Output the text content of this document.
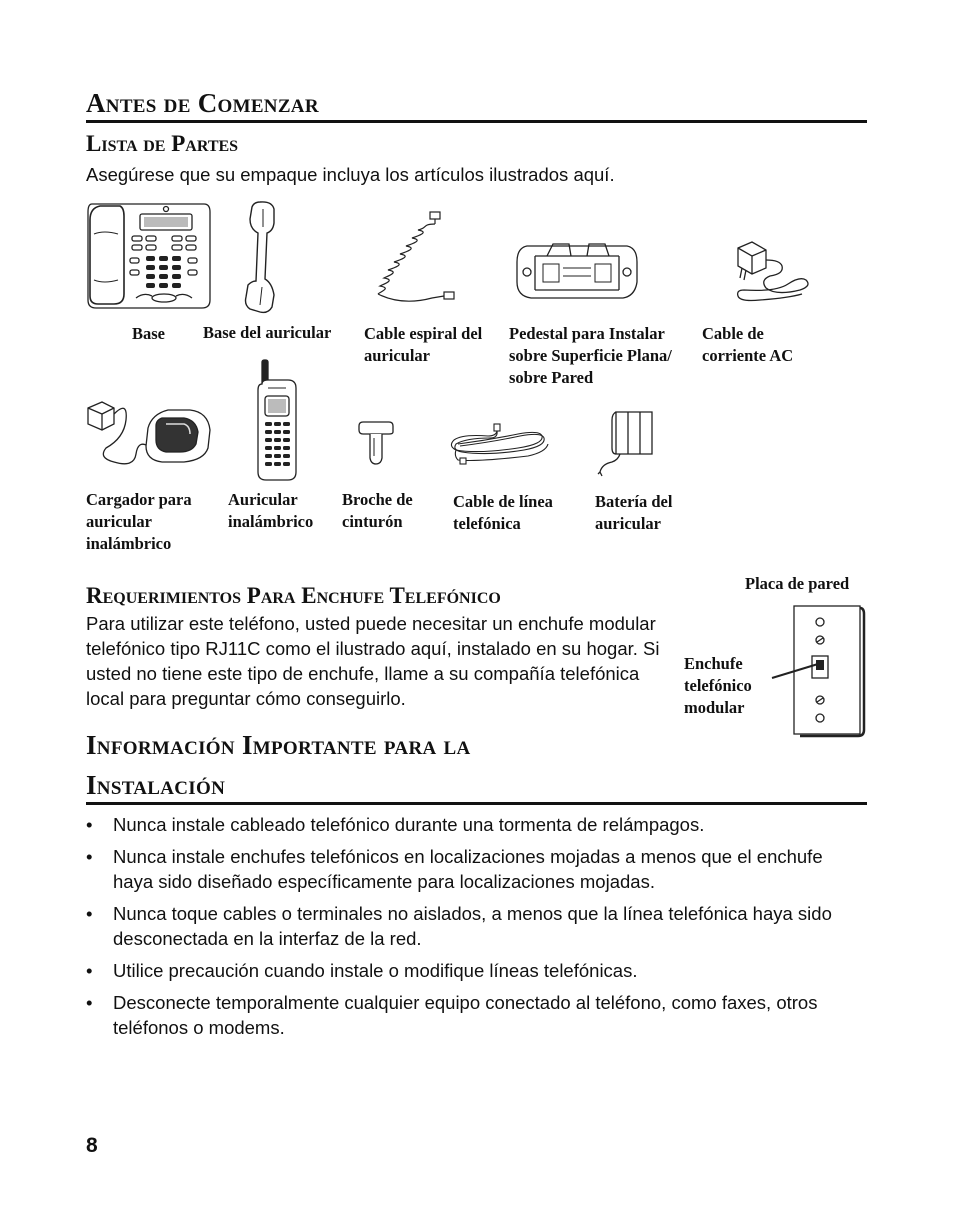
Antes de Comenzar
Lista de Partes
Asegúrese que su empaque incluya los artículos ilustrados aquí.
Base	Base del auricular	Cable espiral del auricular
Pedestal para Instalar sobre Superficie Plana/ sobre Pared
Cable de corriente AC
Cargador para auricular inalámbrico
Auricular inalámbrico
Broche de cinturón
Cable de línea telefónica
Batería del auricular
Requerimientos Para Enchufe Telefónico
Para utilizar este teléfono, usted puede necesitar un enchufe modular telefónico tipo RJ11C como el ilustrado aquí, instalado en su hogar. Si usted no tiene este tipo de enchufe, llame a su compañía telefónica local para preguntar cómo conseguirlo.
Placa de pared
Enchufe telefónico modular
Información Importante para la
Instalación
• Nunca instale cableado telefónico durante una tormenta de relámpagos.
• Nunca instale enchufes telefónicos en localizaciones mojadas a menos que el enchufe haya sido diseñado específicamente para localizaciones mojadas.
• Nunca toque cables o terminales no aislados, a menos que la línea telefónica haya sido desconectada en la interfaz de la red.
• Utilice precaución cuando instale o modifique líneas telefónicas.
• Desconecte temporalmente cualquier equipo conectado al teléfono, como faxes, otros teléfonos o modems.
8
